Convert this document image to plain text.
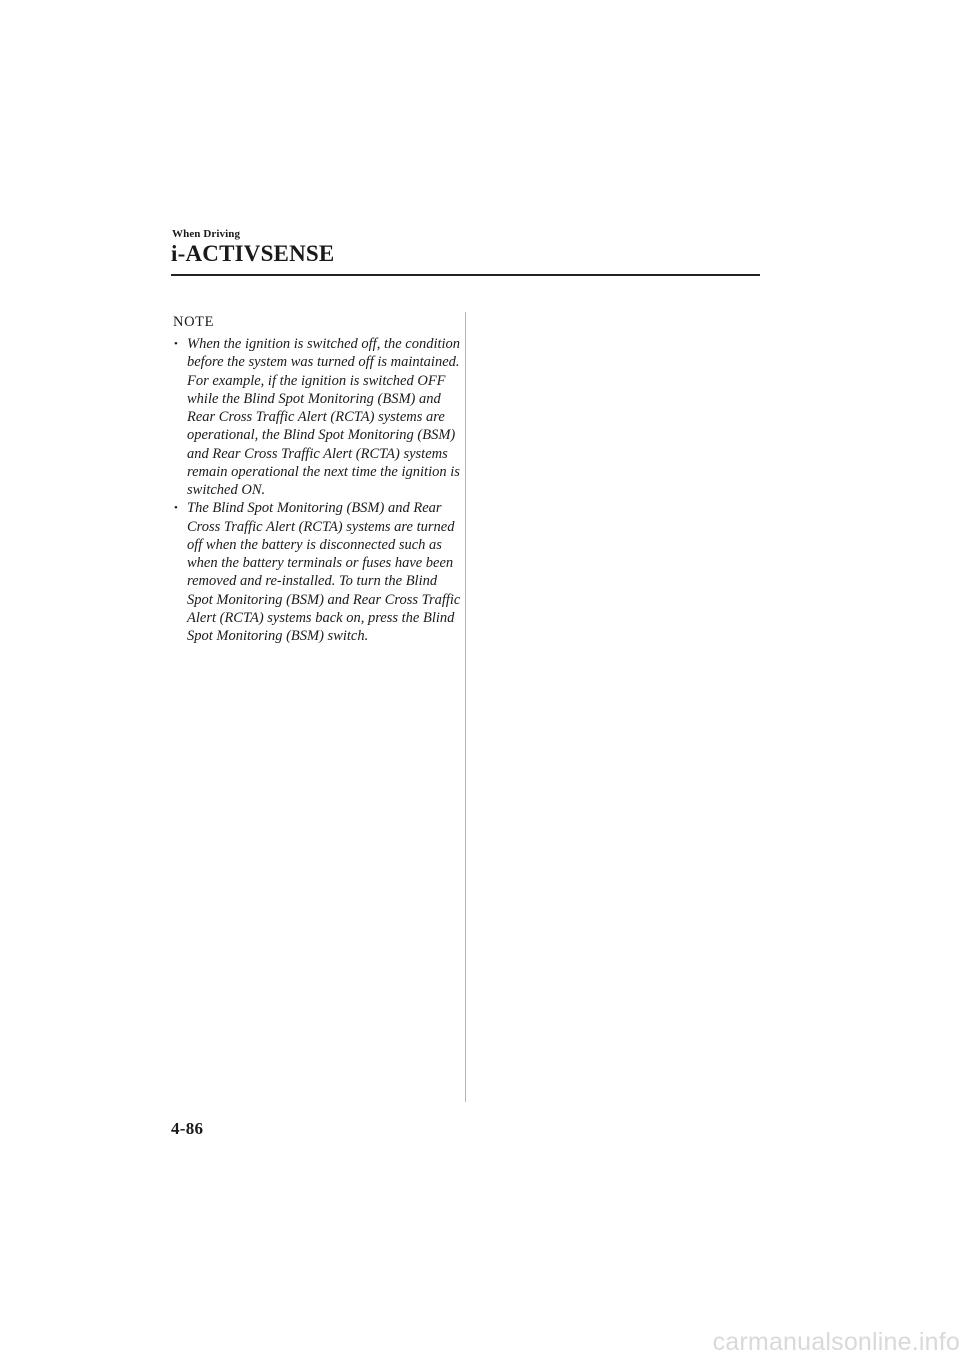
When Driving
i-ACTIVSENSE
NOTE
• When the ignition is switched off, the condition before the system was turned off is maintained. For example, if the ignition is switched OFF while the Blind Spot Monitoring (BSM) and Rear Cross Traffic Alert (RCTA) systems are operational, the Blind Spot Monitoring (BSM) and Rear Cross Traffic Alert (RCTA) systems remain operational the next time the ignition is switched ON.
• The Blind Spot Monitoring (BSM) and Rear Cross Traffic Alert (RCTA) systems are turned off when the battery is disconnected such as when the battery terminals or fuses have been removed and re-installed. To turn the Blind Spot Monitoring (BSM) and Rear Cross Traffic Alert (RCTA) systems back on, press the Blind Spot Monitoring (BSM) switch.
4-86
carmanualsonline.info
